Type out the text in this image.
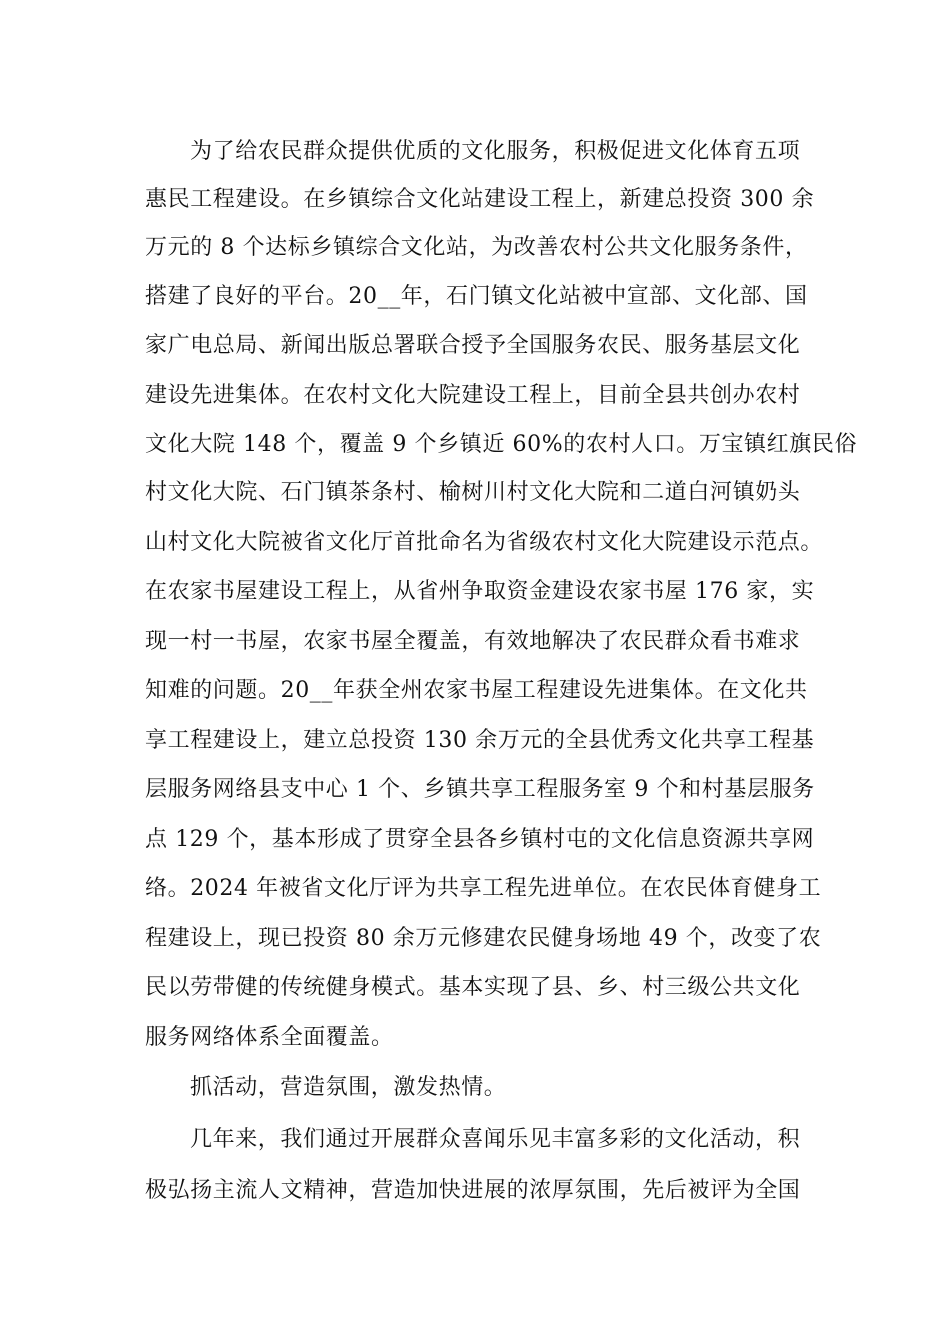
为了给农民群众提供优质的文化服务，积极促进文化体育五项
惠民工程建设。在乡镇综合文化站建设工程上，新建总投资 300 余
万元的 8 个达标乡镇综合文化站，为改善农村公共文化服务条件，
搭建了良好的平台。20__年，石门镇文化站被中宣部、文化部、国
家广电总局、新闻出版总署联合授予全国服务农民、服务基层文化
建设先进集体。在农村文化大院建设工程上，目前全县共创办农村
文化大院 148 个，覆盖 9 个乡镇近 60%的农村人口。万宝镇红旗民俗
村文化大院、石门镇茶条村、榆树川村文化大院和二道白河镇奶头
山村文化大院被省文化厅首批命名为省级农村文化大院建设示范点。
在农家书屋建设工程上，从省州争取资金建设农家书屋 176 家，实
现一村一书屋，农家书屋全覆盖，有效地解决了农民群众看书难求
知难的问题。20__年获全州农家书屋工程建设先进集体。在文化共
享工程建设上，建立总投资 130 余万元的全县优秀文化共享工程基
层服务网络县支中心 1 个、乡镇共享工程服务室 9 个和村基层服务
点 129 个，基本形成了贯穿全县各乡镇村屯的文化信息资源共享网
络。2024 年被省文化厅评为共享工程先进单位。在农民体育健身工
程建设上，现已投资 80 余万元修建农民健身场地 49 个，改变了农
民以劳带健的传统健身模式。基本实现了县、乡、村三级公共文化
服务网络体系全面覆盖。
抓活动，营造氛围，激发热情。
几年来，我们通过开展群众喜闻乐见丰富多彩的文化活动，积
极弘扬主流人文精神，营造加快进展的浓厚氛围，先后被评为全国
